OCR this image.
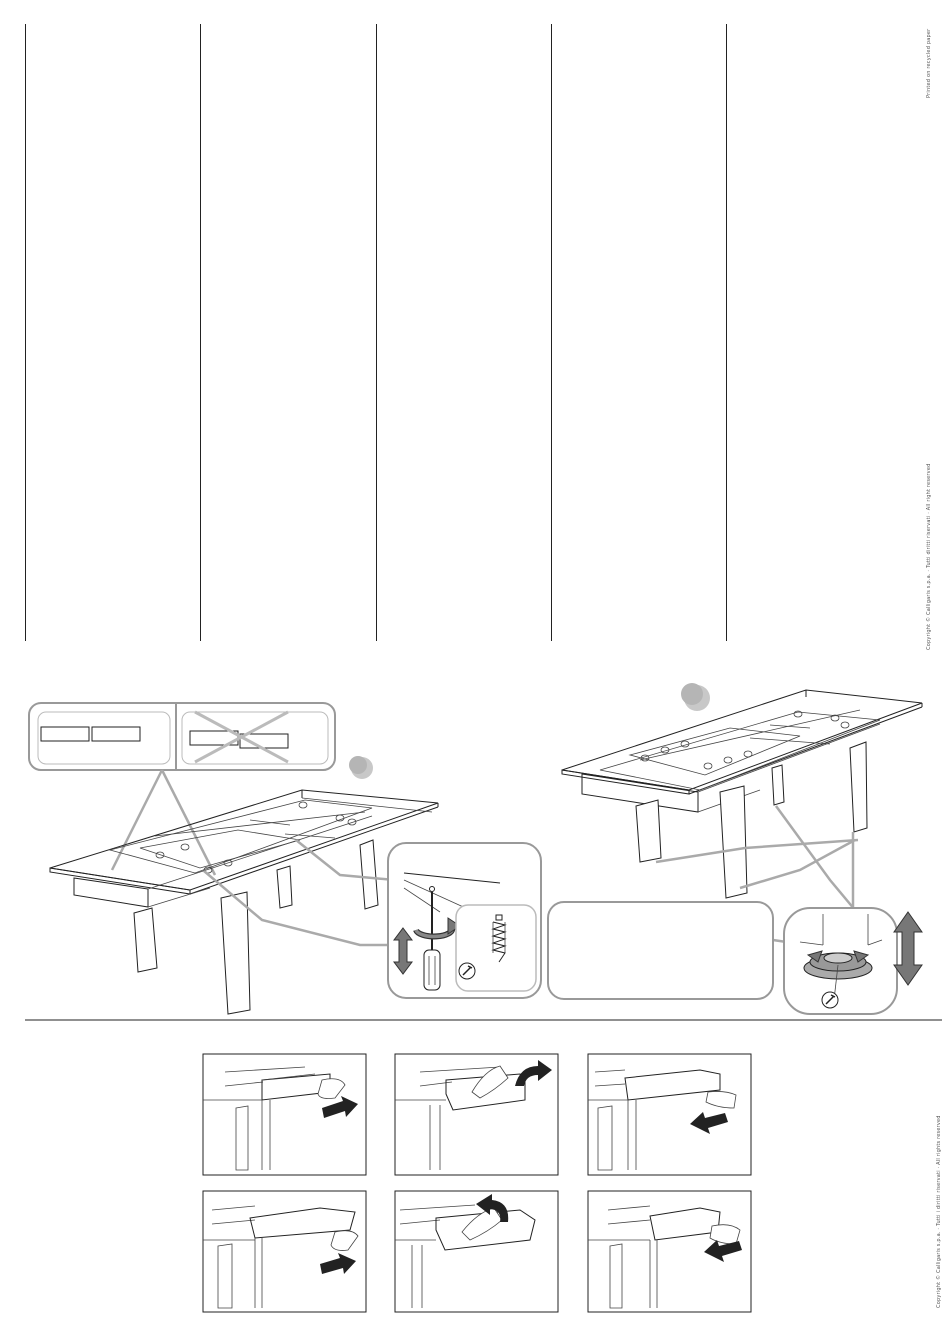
Printed on recycled paper
Copyright © Calligaris s.p.a. · Tutti diritti riservati · All right reserved
Copyright © Calligaris s.p.a. · Tutti i diritti riservati · All rights reserved
